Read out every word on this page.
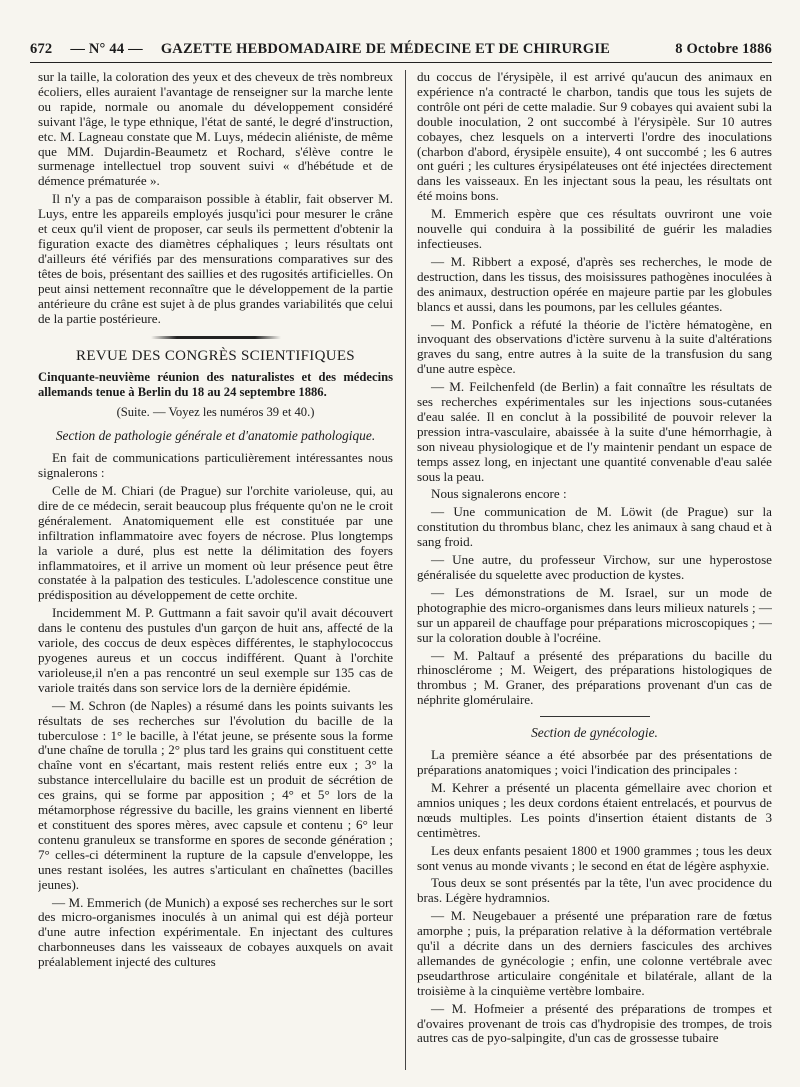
672 — N° 44 — GAZETTE HEBDOMADAIRE DE MÉDECINE ET DE CHIRURGIE	8 Octobre 1886

sur la taille, la coloration des yeux et des cheveux de très nombreux écoliers, elles auraient l'avantage de renseigner sur la marche lente ou rapide, normale ou anomale du développement considéré suivant l'âge, le type ethnique, l'état de santé, le degré d'instruction, etc. M. Lagneau constate que M. Luys, médecin aliéniste, de même que MM. Dujardin-Beaumetz et Rochard, s'élève contre le surmenage intellectuel trop souvent suivi « d'hébétude et de démence prématurée ».

Il n'y a pas de comparaison possible à établir, fait observer M. Luys, entre les appareils employés jusqu'ici pour mesurer le crâne et ceux qu'il vient de proposer, car seuls ils permettent d'obtenir la figuration exacte des diamètres céphaliques ; leurs résultats ont d'ailleurs été vérifiés par des mensurations comparatives sur des têtes de bois, présentant des saillies et des rugosités artificielles. On peut ainsi nettement reconnaître que le développement de la partie antérieure du crâne est sujet à de plus grandes variabilités que celui de la partie postérieure.

REVUE DES CONGRÈS SCIENTIFIQUES
Cinquante-neuvième réunion des naturalistes et des médecins allemands tenue à Berlin du 18 au 24 septembre 1886.
(Suite. — Voyez les numéros 39 et 40.)
Section de pathologie générale et d'anatomie pathologique.

En fait de communications particulièrement intéressantes nous signalerons :

Celle de M. Chiari (de Prague) sur l'orchite varioleuse, qui, au dire de ce médecin, serait beaucoup plus fréquente qu'on ne le croit généralement. Anatomiquement elle est constituée par une infiltration inflammatoire avec foyers de nécrose. Plus longtemps la variole a duré, plus est nette la délimitation des foyers inflammatoires, et il arrive un moment où leur présence peut être constatée à la palpation des testicules. L'adolescence constitue une prédisposition au développement de cette orchite.

Incidemment M. P. Guttmann a fait savoir qu'il avait découvert dans le contenu des pustules d'un garçon de huit ans, affecté de la variole, des coccus de deux espèces différentes, le staphylococcus pyogenes aureus et un coccus indifférent. Quant à l'orchite varioleuse,il n'en a pas rencontré un seul exemple sur 135 cas de variole traités dans son service lors de la dernière épidémie.

— M. Schron (de Naples) a résumé dans les points suivants les résultats de ses recherches sur l'évolution du bacille de la tuberculose : 1° le bacille, à l'état jeune, se présente sous la forme d'une chaîne de torulla ; 2° plus tard les grains qui constituent cette chaîne vont en s'écartant, mais restent reliés entre eux ; 3° la substance intercellulaire du bacille est un produit de sécrétion de ces grains, qui se forme par apposition ; 4° et 5° lors de la métamorphose régressive du bacille, les grains viennent en liberté et constituent des spores mères, avec capsule et contenu ; 6° leur contenu granuleux se transforme en spores de seconde génération ; 7° celles-ci déterminent la rupture de la capsule d'enveloppe, les unes restant isolées, les autres s'articulant en chaînettes (bacilles jeunes).

— M. Emmerich (de Munich) a exposé ses recherches sur le sort des micro-organismes inoculés à un animal qui est déjà porteur d'une autre infection expérimentale. En injectant des cultures charbonneuses dans les vaisseaux de cobayes auxquels on avait préalablement injecté des cultures

du coccus de l'érysipèle, il est arrivé qu'aucun des animaux en expérience n'a contracté le charbon, tandis que tous les sujets de contrôle ont péri de cette maladie. Sur 9 cobayes qui avaient subi la double inoculation, 2 ont succombé à l'érysipèle. Sur 10 autres cobayes, chez lesquels on a interverti l'ordre des inoculations (charbon d'abord, érysipèle ensuite), 4 ont succombé ; les 6 autres ont guéri ; les cultures érysipélateuses ont été injectées directement dans les vaisseaux. En les injectant sous la peau, les résultats ont été moins bons.

M. Emmerich espère que ces résultats ouvriront une voie nouvelle qui conduira à la possibilité de guérir les maladies infectieuses.

— M. Ribbert a exposé, d'après ses recherches, le mode de destruction, dans les tissus, des moisissures pathogènes inoculées à des animaux, destruction opérée en majeure partie par les globules blancs et aussi, dans les poumons, par les cellules géantes.

— M. Ponfick a réfuté la théorie de l'ictère hématogène, en invoquant des observations d'ictère survenu à la suite d'altérations graves du sang, entre autres à la suite de la transfusion du sang d'une autre espèce.

— M. Feilchenfeld (de Berlin) a fait connaître les résultats de ses recherches expérimentales sur les injections sous-cutanées d'eau salée. Il en conclut à la possibilité de pouvoir relever la pression intra-vasculaire, abaissée à la suite d'une hémorrhagie, à son niveau physiologique et de l'y maintenir pendant un espace de temps assez long, en injectant une quantité convenable d'eau salée sous la peau.

Nous signalerons encore :

— Une communication de M. Löwit (de Prague) sur la constitution du thrombus blanc, chez les animaux à sang chaud et à sang froid.

— Une autre, du professeur Virchow, sur une hyperostose généralisée du squelette avec production de kystes.

— Les démonstrations de M. Israel, sur un mode de photographie des micro-organismes dans leurs milieux naturels ; — sur un appareil de chauffage pour préparations microscopiques ; — sur la coloration double à l'ocréine.

— M. Paltauf a présenté des préparations du bacille du rhinosclérome ; M. Weigert, des préparations histologiques de thrombus ; M. Graner, des préparations provenant d'un cas de néphrite glomérulaire.

Section de gynécologie.

La première séance a été absorbée par des présentations de préparations anatomiques ; voici l'indication des principales :

M. Kehrer a présenté un placenta gémellaire avec chorion et amnios uniques ; les deux cordons étaient entrelacés, et pourvus de nœuds multiples. Les points d'insertion étaient distants de 3 centimètres.

Les deux enfants pesaient 1800 et 1900 grammes ; tous les deux sont venus au monde vivants ; le second en état de légère asphyxie.

Tous deux se sont présentés par la tête, l'un avec procidence du bras. Légère hydramnios.

— M. Neugebauer a présenté une préparation rare de fœtus amorphe ; puis, la préparation relative à la déformation vertébrale qu'il a décrite dans un des derniers fascicules des archives allemandes de gynécologie ; enfin, une colonne vertébrale avec pseudarthrose articulaire congénitale et bilatérale, allant de la troisième à la cinquième vertèbre lombaire.

— M. Hofmeier a présenté des préparations de trompes et d'ovaires provenant de trois cas d'hydropisie des trompes, de trois autres cas de pyo-salpingite, d'un cas de grossesse tubaire
